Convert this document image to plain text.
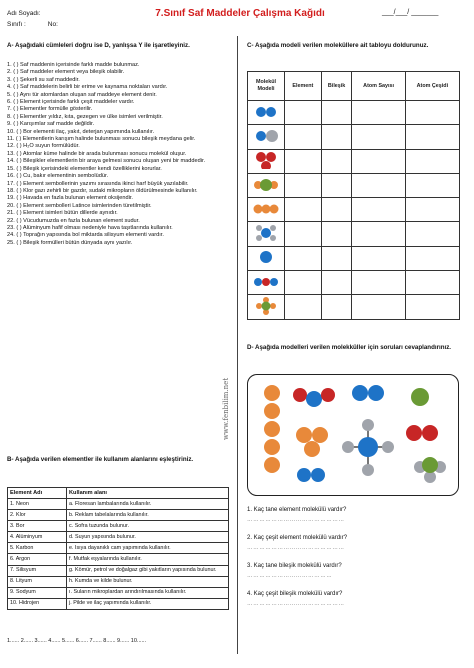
Adı Soyadı:
Sınıfı :	No:
7.Sınıf Saf Maddeler Çalışma Kağıdı	___/___/ _______
A- Aşağıdaki cümleleri doğru ise D, yanlışsa Y ile işaretleyiniz.
1. ( ) Saf maddenin içerisinde farklı madde bulunmaz.
2. ( ) Saf maddeler element veya bileşik olabilir.
3. ( ) Şekerli su saf maddedir.
4. ( ) Saf maddelerin belirli bir erime ve kaynama noktaları vardır.
5. ( ) Aynı tür atomlardan oluşan saf maddeye element denir.
6. ( ) Element içerisinde farklı çeşit maddeler vardır.
7. ( ) Elementler formülle gösterilir.
8. ( ) Elementler yıldız, kıta, gezegen ve ülke isimleri verilmiştir.
9. ( ) Karışımlar saf madde değildir.
10. ( ) Bor elementi ilaç, yakıt, deterjan yapımında kullanılır.
11. ( ) Elementlerin karışım halinde bulunması sonucu bileşik meydana gelir.
12. ( ) H₂O suyun formülüdür.
13. ( ) Atomlar küme halinde bir arada bulunması sonucu molekül oluşur.
14. ( ) Bileşikler elementlerin bir araya gelmesi sonucu oluşan yeni bir maddedir.
15. ( ) Bileşik içerisindeki elementler kendi özelliklerini korurlar.
16. ( ) Cu, bakır elementinin sembolüdür.
17. ( ) Element sembollerinin yazımı sırasında ikinci harf büyük yazılabilir.
18. ( ) Klor gazı zehirli bir gazdır, sudaki mikropların öldürülmesinde kullanılır.
19. ( ) Havada en fazla bulunan element oksijendir.
20. ( ) Element sembolleri Latince isimlerinden türetilmiştir.
21. ( ) Element isimleri bütün dillerde aynıdır.
22. ( ) Vücudumuzda en fazla bulunan element sudur.
23. ( ) Alüminyum hafif olması nedeniyle hava taşıtlarında kullanılır.
24. ( ) Toprağın yapısında bol miktarda silisyum elementi vardır.
25. ( ) Bileşik formülleri bütün dünyada aynı yazılır.
B- Aşağıda verilen elementler ile kullanım alanlarını eşleştiriniz.
Element Adı	Kullanım alanı
1. Neon	a. Floresan lambalarında kullanılır.
2. Klor	b. Reklam tabelalarında kullanılır.
3. Bor	c. Sofra tuzunda bulunur.
4. Alüminyum	d. Suyun yapısında bulunur.
5. Karbon	e. Isıya dayanıklı cam yapımında kullanılır.
6. Argon	f. Mutfak eşyalarında kullanılır.
7. Silisyum	g. Kömür, petrol ve doğalgaz gibi yakıtların yapısında bulunur.
8. Lityum	h. Kumda ve kilde bulunur.
9. Sodyum	ı. Suların mikroplardan arındırılmasında kullanılır.
10. Hidrojen	j. Pilde ve ilaç yapımında kullanılır.
1...... 2...... 3...... 4...... 5...... 6...... 7...... 8...... 9...... 10......
C- Aşağıda modeli verilen moleküllere ait tabloyu doldurunuz.
Molekül Modeli	Element	Bileşik	Atom Sayısı	Atom Çeşidi

D- Aşağıda modelleri verilen molekküller için soruları cevaplandırınız.
1. Kaç tane element molekülü vardır?
…………………………………………
2. Kaç çeşit element molekülü vardır?
…………………………………………
3. Kaç tane bileşik molekülü vardır?
……………………………………
4. Kaç çeşit bileşik molekülü vardır?
…………………………………………
www.fenbilim.net
